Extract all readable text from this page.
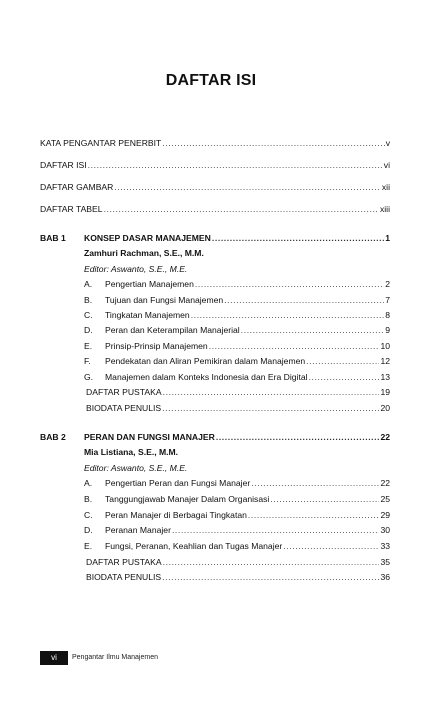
DAFTAR ISI
KATA PENGANTAR PENERBIT .....	v
DAFTAR ISI .....	vi
DAFTAR GAMBAR .....	xii
DAFTAR TABEL .....	xiii
BAB 1 KONSEP DASAR MANAJEMEN .....	1
Zamhuri Rachman, S.E., M.M.
Editor: Aswanto, S.E., M.E.
A. Pengertian Manajemen .....	2
B. Tujuan dan Fungsi Manajemen .....	7
C. Tingkatan Manajemen .....	8
D. Peran dan Keterampilan Manajerial .....	9
E. Prinsip-Prinsip Manajemen .....	10
F. Pendekatan dan Aliran Pemikiran dalam Manajemen .....	12
G. Manajemen dalam Konteks Indonesia dan Era Digital .....	13
DAFTAR PUSTAKA .....	19
BIODATA PENULIS .....	20
BAB 2 PERAN DAN FUNGSI MANAJER .....	22
Mia Listiana, S.E., M.M.
Editor: Aswanto, S.E., M.E.
A. Pengertian Peran dan Fungsi Manajer .....	22
B. Tanggungjawab Manajer Dalam Organisasi .....	25
C. Peran Manajer di Berbagai Tingkatan .....	29
D. Peranan Manajer .....	30
E. Fungsi, Peranan, Keahlian dan Tugas Manajer .....	33
DAFTAR PUSTAKA .....	35
BIODATA PENULIS .....	36
vi	Pengantar Ilmu Manajemen
